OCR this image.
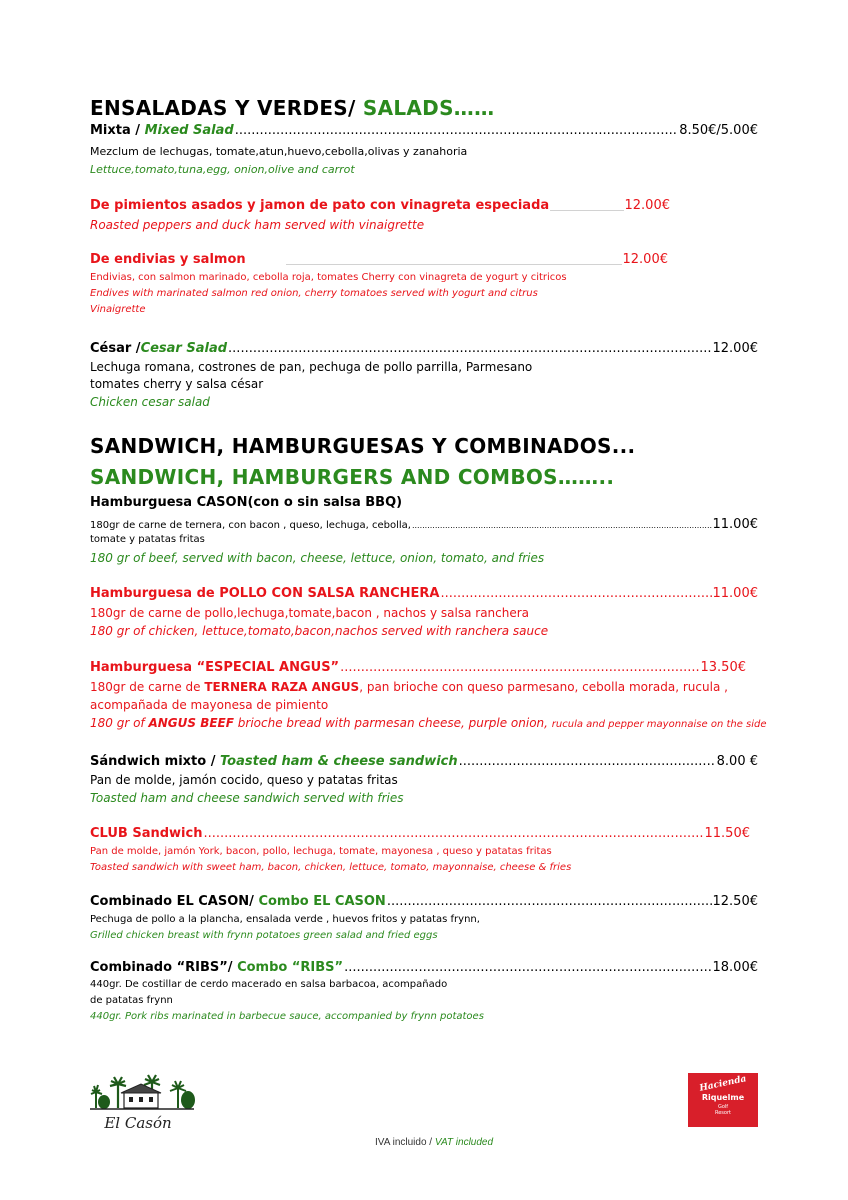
ENSALADAS Y VERDES/ SALADS……
Mixta / Mixed Salad .....	8.50€/5.00€
Mezclum de lechugas, tomate,atun,huevo,cebolla,olivas y zanahoria
Lettuce,tomato,tuna,egg, onion,olive and carrot
De pimientos asados y jamon de pato con vinagreta especiada _____	12.00€
Roasted peppers and duck ham served with vinaigrette
De endivias y salmon _____	12.00€
Endivias, con salmon marinado, cebolla roja, tomates Cherry con vinagreta de yogurt y citricos
Endives with marinated salmon red onion, cherry tomatoes served with yogurt and citrus
Vinaigrette
César /Cesar Salad .....	12.00€
Lechuga romana, costrones de pan, pechuga de pollo parrilla, Parmesano
tomates cherry y salsa césar
Chicken cesar salad
SANDWICH, HAMBURGUESAS Y COMBINADOS...
SANDWICH, HAMBURGERS AND COMBOS……..
Hamburguesa CASON(con o sin salsa BBQ)
180gr de carne de ternera, con bacon , queso, lechuga, cebolla, .....	11.00€
tomate y patatas fritas
180 gr of beef, served with bacon, cheese, lettuce, onion, tomato, and fries
Hamburguesa de POLLO CON SALSA RANCHERA .....	11.00€
180gr de carne de pollo,lechuga,tomate,bacon , nachos y salsa ranchera
180 gr of chicken, lettuce,tomato,bacon,nachos served with ranchera sauce
Hamburguesa “ESPECIAL ANGUS” .....	13.50€
180gr de carne de TERNERA RAZA ANGUS, pan brioche con queso parmesano, cebolla morada, rucula ,
acompañada de mayonesa de pimiento
180 gr of ANGUS BEEF brioche bread with parmesan cheese, purple onion, rucula and pepper mayonnaise on the side
Sándwich mixto / Toasted ham & cheese sandwich .....	8.00 €
Pan de molde, jamón cocido, queso y patatas fritas
Toasted ham and cheese sandwich served with fries
CLUB Sandwich .....	11.50€
Pan de molde, jamón York, bacon, pollo, lechuga, tomate, mayonesa , queso y patatas fritas
Toasted sandwich with sweet ham, bacon, chicken, lettuce, tomato, mayonnaise, cheese & fries
Combinado EL CASON/ Combo EL CASON .....	12.50€
Pechuga de pollo a la plancha, ensalada verde , huevos fritos y patatas frynn,
Grilled chicken breast with frynn potatoes green salad and fried eggs
Combinado “RIBS”/ Combo “RIBS” .....	18.00€
440gr. De costillar de cerdo macerado en salsa barbacoa, acompañado
de patatas frynn
440gr. Pork ribs marinated in barbecue sauce, accompanied by frynn potatoes
El Casón
Hacienda
Riquelme
Golf
Resort
IVA incluido / VAT included
